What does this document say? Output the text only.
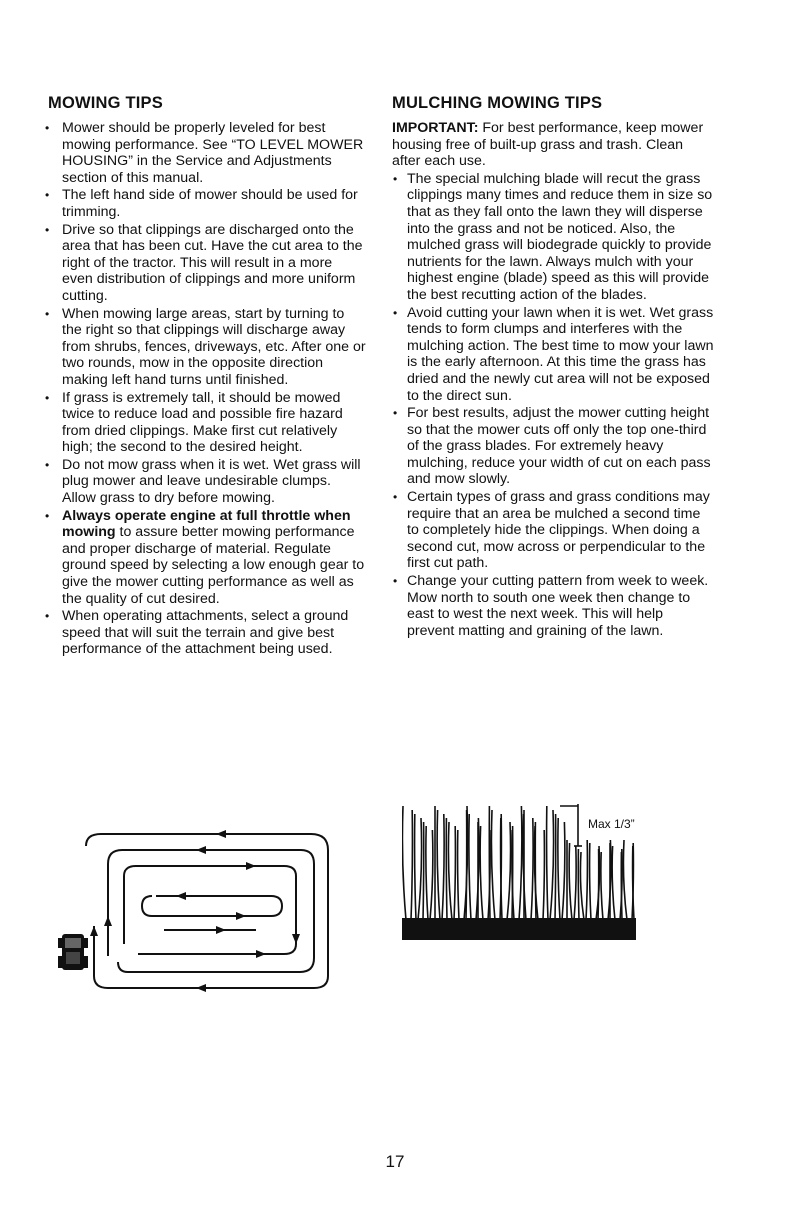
MOWING TIPS
• Mower should be properly leveled for best mowing performance. See “TO LEVEL MOWER HOUSING” in the Service and Adjustments section of this manual.
• The left hand side of mower should be used for trimming.
• Drive so that clippings are discharged onto the area that has been cut. Have the cut area to the right of the tractor. This will result in a more even distribution of clippings and more uniform cutting.
• When mowing large areas, start by turning to the right so that clippings will discharge away from shrubs, fences, driveways, etc. After one or two rounds, mow in the opposite direction making left hand turns until finished.
• If grass is extremely tall, it should be mowed twice to reduce load and possible fire hazard from dried clippings. Make first cut relatively high; the second to the desired height.
• Do not mow grass when it is wet. Wet grass will plug mower and leave undesirable clumps. Allow grass to dry before mowing.
• Always operate engine at full throttle when mowing to assure better mowing performance and proper discharge of material. Regulate ground speed by selecting a low enough gear to give the mower cutting performance as well as the quality of cut desired.
• When operating attachments, select a ground speed that will suit the terrain and give best performance of the attachment being used.
MULCHING MOWING TIPS

IMPORTANT: For best performance, keep mower housing free of built-up grass and trash. Clean after each use.

• The special mulching blade will recut the grass clippings many times and reduce them in size so that as they fall onto the lawn they will disperse into the grass and not be noticed. Also, the mulched grass will biodegrade quickly to provide nutrients for the lawn. Always mulch with your highest engine (blade) speed as this will provide the best recutting action of the blades.
• Avoid cutting your lawn when it is wet. Wet grass tends to form clumps and interferes with the mulching action. The best time to mow your lawn is the early afternoon. At this time the grass has dried and the newly cut area will not be exposed to the direct sun.
• For best results, adjust the mower cutting height so that the mower cuts off only the top one-third of the grass blades. For extremely heavy mulching, reduce your width of cut on each pass and mow slowly.
• Certain types of grass and grass conditions may require that an area be mulched a second time to completely hide the clippings. When doing a second cut, mow across or perpendicular to the first cut path.
• Change your cutting pattern from week to week. Mow north to south one week then change to east to west the next week. This will help prevent matting and graining of the lawn.
Max 1/3”
17
